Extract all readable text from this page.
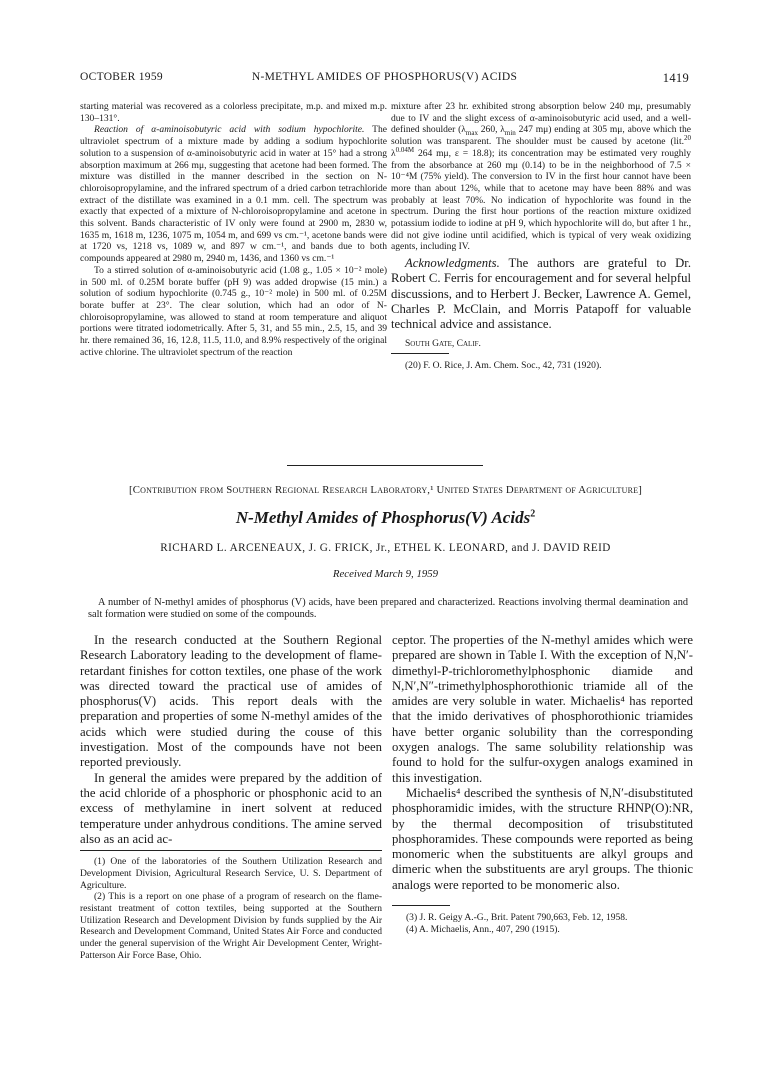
OCTOBER 1959	N-METHYL AMIDES OF PHOSPHORUS(V) ACIDS	1419

starting material was recovered as a colorless precipitate, m.p. and mixed m.p. 130–131°.

Reaction of α-aminoisobutyric acid with sodium hypochlorite. The ultraviolet spectrum of a mixture made by adding a sodium hypochlorite solution to a suspension of α-aminoisobutyric acid in water at 15° had a strong absorption maximum at 266 mμ, suggesting that acetone had been formed. The mixture was distilled in the manner described in the section on N-chloroisopropylamine, and the infrared spectrum of a dried carbon tetrachloride extract of the distillate was examined in a 0.1 mm. cell. The spectrum was exactly that expected of a mixture of N-chloroisopropylamine and acetone in this solvent. Bands characteristic of IV only were found at 2900 m, 2830 w, 1635 m, 1618 m, 1236, 1075 m, 1054 m, and 699 vs cm.⁻¹, acetone bands were at 1720 vs, 1218 vs, 1089 w, and 897 w cm.⁻¹, and bands due to both compounds appeared at 2980 m, 2940 m, 1436, and 1360 vs cm.⁻¹

To a stirred solution of α-aminoisobutyric acid (1.08 g., 1.05 × 10⁻² mole) in 500 ml. of 0.25M borate buffer (pH 9) was added dropwise (15 min.) a solution of sodium hypochlorite (0.745 g., 10⁻² mole) in 500 ml. of 0.25M borate buffer at 23°. The clear solution, which had an odor of N-chloroisopropylamine, was allowed to stand at room temperature and aliquot portions were titrated iodometrically. After 5, 31, and 55 min., 2.5, 15, and 39 hr. there remained 36, 16, 12.8, 11.5, 11.0, and 8.9% respectively of the original active chlorine. The ultraviolet spectrum of the reaction

mixture after 23 hr. exhibited strong absorption below 240 mμ, presumably due to IV and the slight excess of α-aminoisobutyric acid used, and a well-defined shoulder ($\lambda_{max}$ 260, $\lambda_{min}$ 247 mμ) ending at 305 mμ, above which the solution was transparent. The shoulder must be caused by acetone (lit.$^{20}$ $\lambda^{0.04M}$ 264 mμ, ε = 18.8); its concentration may be estimated very roughly from the absorbance at 260 mμ (0.14) to be in the neighborhood of 7.5 × 10⁻⁴M (75% yield). The conversion to IV in the first hour cannot have been more than about 12%, while that to acetone may have been 88% and was probably at least 70%. No indication of hypochlorite was found in the spectrum. During the first hour portions of the reaction mixture oxidized potassium iodide to iodine at pH 9, which hypochlorite will do, but after 1 hr., did not give iodine until acidified, which is typical of very weak oxidizing agents, including IV.

Acknowledgments. The authors are grateful to Dr. Robert C. Ferris for encouragement and for several helpful discussions, and to Herbert J. Becker, Lawrence A. Gemel, Charles P. McClain, and Morris Patapoff for valuable technical advice and assistance.

South Gate, Calif.

(20) F. O. Rice, J. Am. Chem. Soc., 42, 731 (1920).

[Contribution from Southern Regional Research Laboratory,¹ United States Department of Agriculture]
N-Methyl Amides of Phosphorus(V) Acids$^2$
RICHARD L. ARCENEAUX, J. G. FRICK, Jr., ETHEL K. LEONARD, and J. DAVID REID
Received March 9, 1959
A number of N-methyl amides of phosphorus (V) acids, have been prepared and characterized. Reactions involving thermal deamination and salt formation were studied on some of the compounds.

In the research conducted at the Southern Regional Research Laboratory leading to the development of flame-retardant finishes for cotton textiles, one phase of the work was directed toward the practical use of amides of phosphorus(V) acids. This report deals with the preparation and properties of some N-methyl amides of the acids which were studied during the couse of this investigation. Most of the compounds have not been reported previously.

In general the amides were prepared by the addition of the acid chloride of a phosphoric or phosphonic acid to an excess of methylamine in inert solvent at reduced temperature under anhydrous conditions. The amine served also as an acid ac-

(1) One of the laboratories of the Southern Utilization Research and Development Division, Agricultural Research Service, U. S. Department of Agriculture.

(2) This is a report on one phase of a program of research on the flame-resistant treatment of cotton textiles, being supported at the Southern Utilization Research and Development Division by funds supplied by the Air Research and Development Command, United States Air Force and conducted under the general supervision of the Wright Air Development Center, Wright-Patterson Air Force Base, Ohio.

ceptor. The properties of the N-methyl amides which were prepared are shown in Table I. With the exception of N,N′-dimethyl-P-trichloromethylphosphonic diamide and N,N′,N″-trimethylphosphorothionic triamide all of the amides are very soluble in water. Michaelis⁴ has reported that the imido derivatives of phosphorothionic triamides have better organic solubility than the corresponding oxygen analogs. The same solubility relationship was found to hold for the sulfur-oxygen analogs examined in this investigation.

Michaelis⁴ described the synthesis of N,N′-disubstituted phosphoramidic imides, with the structure RHNP(O):NR, by the thermal decomposition of trisubstituted phosphoramides. These compounds were reported as being monomeric when the substituents are alkyl groups and dimeric when the substituents are aryl groups. The thionic analogs were reported to be monomeric also.

(3) J. R. Geigy A.-G., Brit. Patent 790,663, Feb. 12, 1958.

(4) A. Michaelis, Ann., 407, 290 (1915).
